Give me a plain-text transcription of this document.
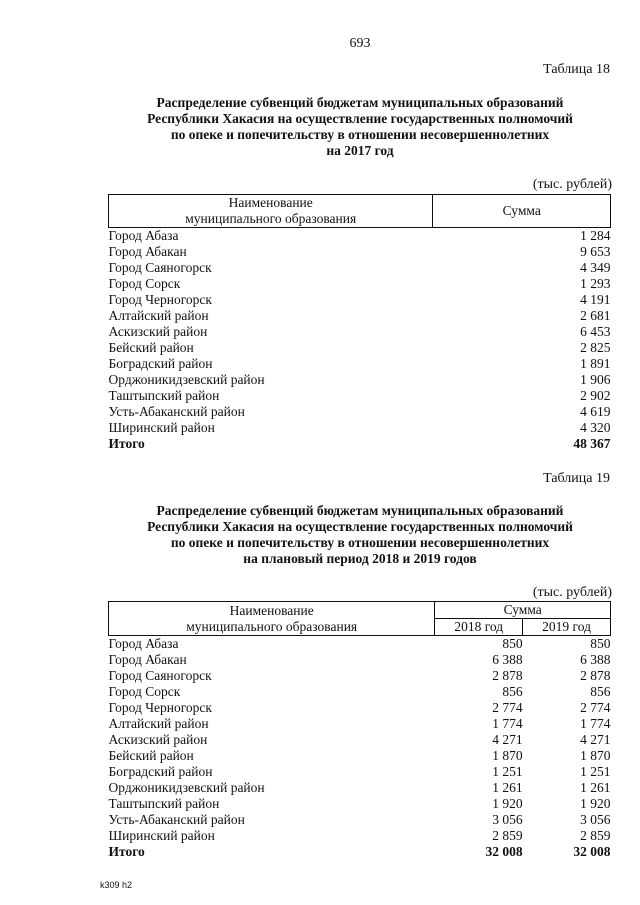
693
Таблица 18
Распределение субвенций бюджетам муниципальных образований
Республики Хакасия на осуществление государственных полномочий
по опеке и попечительству в отношении несовершеннолетних
на 2017 год
(тыс. рублей)
Наименование
муниципального образования	Сумма
Город Абаза	1 284
Город Абакан	9 653
Город Саяногорск	4 349
Город Сорск	1 293
Город Черногорск	4 191
Алтайский район	2 681
Аскизский район	6 453
Бейский район	2 825
Боградский район	1 891
Орджоникидзевский район	1 906
Таштыпский район	2 902
Усть-Абаканский район	4 619
Ширинский район	4 320
Итого	48 367
Таблица 19
Распределение субвенций бюджетам муниципальных образований
Республики Хакасия на осуществление государственных полномочий
по опеке и попечительству в отношении несовершеннолетних
на плановый период 2018 и 2019 годов
(тыс. рублей)
Наименование
муниципального образования	Сумма	
	2018 год	2019 год
Город Абаза	850	850
Город Абакан	6 388	6 388
Город Саяногорск	2 878	2 878
Город Сорск	856	856
Город Черногорск	2 774	2 774
Алтайский район	1 774	1 774
Аскизский район	4 271	4 271
Бейский район	1 870	1 870
Боградский район	1 251	1 251
Орджоникидзевский район	1 261	1 261
Таштыпский район	1 920	1 920
Усть-Абаканский район	3 056	3 056
Ширинский район	2 859	2 859
Итого	32 008	32 008
k309 h2
